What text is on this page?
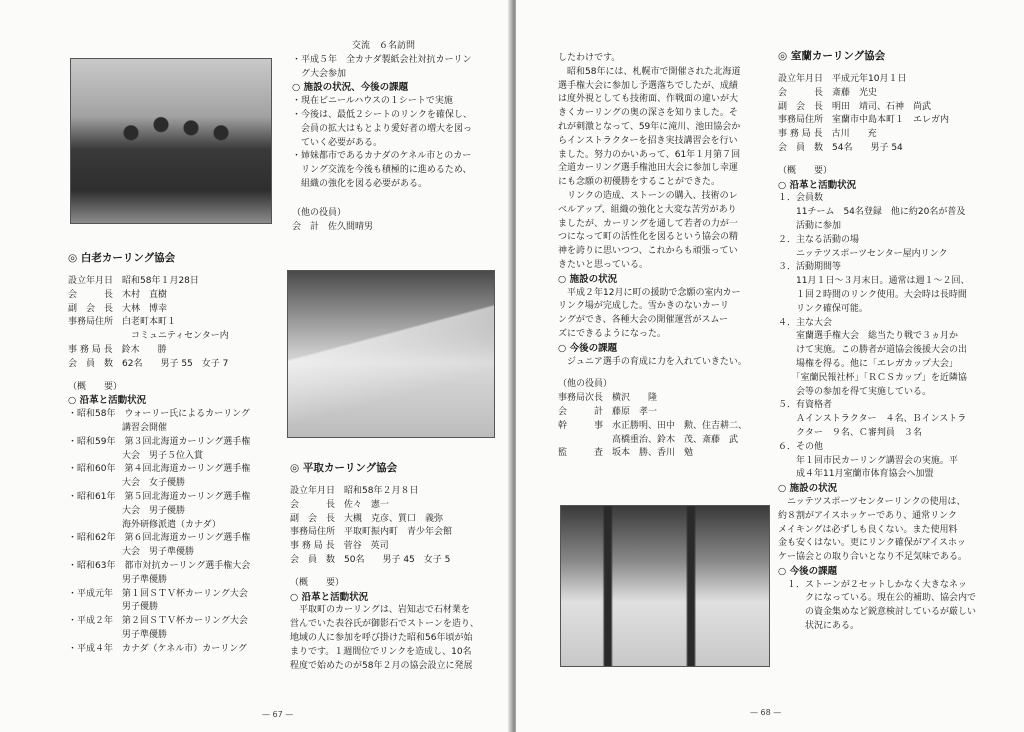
交流　６名訪問
・平成５年　全カナダ製紙会社対抗カーリン
　グ大会参加
○ 施設の状況、今後の課題
・現在ビニールハウスの１シートで実施
・今後は、最低２シートのリンクを確保し、
　会員の拡大はもとより愛好者の増大を図っ
　ていく必要がある。
・姉妹都市であるカナダのケネル市とのカー
　リング交流を今後も積極的に進めるため、
　組織の強化を図る必要がある。
（他の役員）
会　計　佐久間晴男
◎ 白老カーリング協会
設立年月日　昭和58年１月28日
会　　　長　木村　直樹
副　会　長　大林　博幸
事務局住所　白老町本町１
　　　　　　　コミュニティセンター内
事 務 局 長　鈴木　　勝
会　員　数　62名　　男子 55　女子 7
（概　　要）
○ 沿革と活動状況
・昭和58年　ウォーリー氏によるカーリング
　　　　　　講習会開催
・昭和59年　第３回北海道カーリング選手権
　　　　　　大会　男子５位入賞
・昭和60年　第４回北海道カーリング選手権
　　　　　　大会　女子優勝
・昭和61年　第５回北海道カーリング選手権
　　　　　　大会　男子優勝
　　　　　　海外研修派遣（カナダ）
・昭和62年　第６回北海道カーリング選手権
　　　　　　大会　男子準優勝
・昭和63年　都市対抗カーリング選手権大会
　　　　　　男子準優勝
・平成元年　第１回ＳＴＶ杯カーリング大会
　　　　　　男子優勝
・平成２年　第２回ＳＴＶ杯カーリング大会
　　　　　　男子準優勝
・平成４年　カナダ（ケネル市）カーリング
◎ 平取カーリング協会
設立年月日　昭和58年２月８日
会　　　長　佐々　憲一
副　会　長　大槻　克彦、質口　義弥
事務局住所　平取町振内町　青少年会館
事 務 局 長　菅谷　英司
会　員　数　50名　　男子 45　女子 5
（概　　要）
○ 沿革と活動状況
　平取町のカーリングは、岩知志で石材業を
営んでいた表谷氏が御影石でストーンを造り、
地域の人に参加を呼び掛けた昭和56年頃が始
まりです。１週間位でリンクを造成し、10名
程度で始めたのが58年２月の協会設立に発展
— 67 —
したわけです。
　昭和58年には、札幌市で開催された北海道
選手権大会に参加し予選落ちでしたが、成績
は度外視としても技術面、作戦面の違いが大
きくカーリングの奥の深さを知りました。そ
れが刺激となって、59年に滝川、池田協会か
らインストラクターを招き実技講習会を行い
ました。努力のかいあって、61年１月第７回
全道カーリング選手権池田大会に参加し幸運
にも念願の初優勝をすることができた。
　リンクの造成、ストーンの購入、技術のレ
ベルアップ、組織の強化と大変な苦労があり
ましたが、カーリングを通して若者の力が一
つになって町の活性化を図るという協会の精
神を誇りに思いつつ、これからも頑張ってい
きたいと思っている。
○ 施設の状況
　平成２年12月に町の援助で念願の室内カー
リンク場が完成した。雪かきのないカーリ
ングができ、各種大会の開催運営がスムー
ズにできるようになった。
○ 今後の課題
　ジュニア選手の育成に力を入れていきたい。
（他の役員）
事務局次長　横沢　　隆
会　　　計　藤原　孝一
幹　　　事　水正勝明、田中　勲、住吉耕二、
　　　　　　高橋重治、鈴木　茂、斎藤　武
監　　　査　坂本　勝、香川　勉
◎ 室蘭カーリング協会
設立年月日　平成元年10月１日
会　　　長　斎藤　光史
副　会　長　明田　靖司、石神　尚武
事務局住所　室蘭市中島本町１　エレガ内
事 務 局 長　古川　　充
会　員　数　54名　　男子 54
（概　　要）
○ 沿革と活動状況
１．会員数
　　11チーム　54名登録　他に約20名が普及
　　活動に参加
２．主なる活動の場
　　ニッテツスポーツセンター屋内リンク
３．活動期間等
　　11月１日～３月末日。通常は週１～２回、
　　１回２時間のリンク使用。大会時は長時間
　　リンク確保可能。
４．主な大会
　　室蘭選手権大会　総当たり戦で３ヵ月か
　　けて実施。この勝者が道協会後援大会の出
　　場権を得る。他に「エレガカップ大会」
　　「室蘭民報社杯」「ＲＣＳカップ」を近隣協
　　会等の参加を得て実施している。
５．有資格者
　　Ａインストラクター　４名、Ｂインストラ
　　クター　９名、Ｃ審判員　３名
６．その他
　　年１回市民カーリング講習会の実施。平
　　成４年11月室蘭市体育協会へ加盟
○ 施設の状況
　ニッテツスポーツセンターリンクの使用は、
約８割がアイスホッケーであり、通常リンク
メイキングは必ずしも良くない。また使用料
金も安くはない。更にリンク確保がアイスホッ
ケー協会との取り合いとなり不足気味である。
○ 今後の課題
　１．ストーンが２セットしかなく大きなネッ
　　　クになっている。現在公的補助、協会内で
　　　の資金集めなど鋭意検討しているが厳しい
　　　状況にある。
— 68 —
